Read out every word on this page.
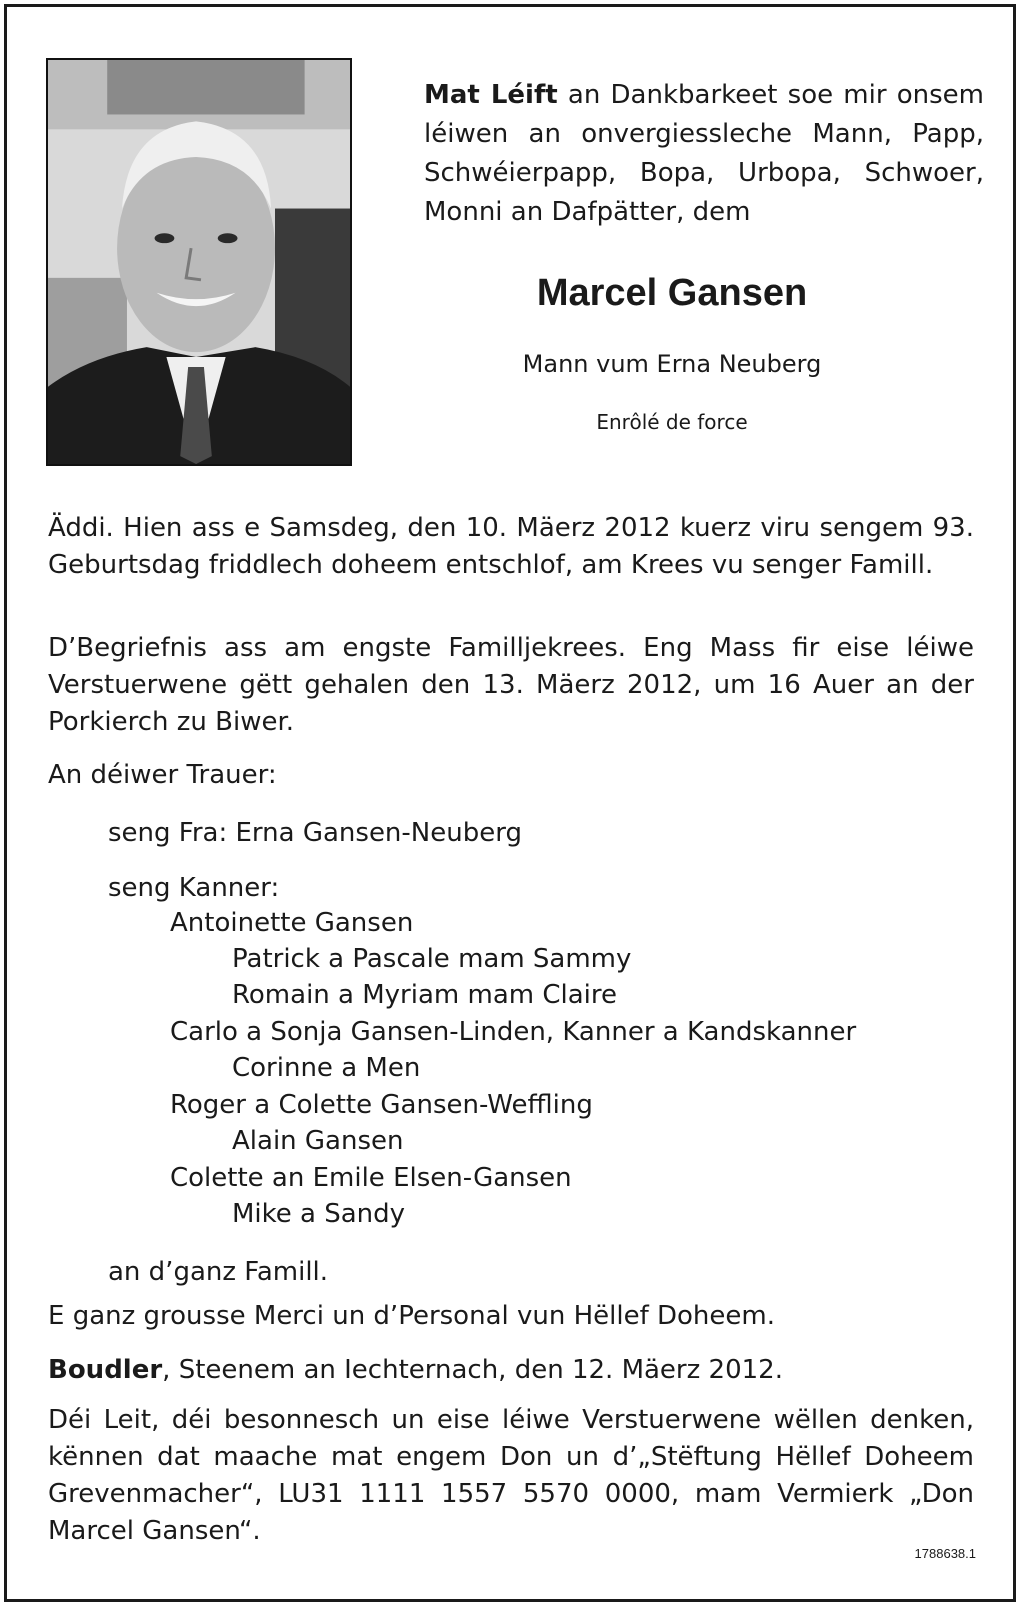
Mat Léift an Dankbarkeet soe mir onsem léiwen an onvergiessleche Mann, Papp, Schwéierpapp, Bopa, Urbopa, Schwoer, Monni an Dafpätter, dem
Marcel Gansen
Mann vum Erna Neuberg
Enrôlé de force
Äddi. Hien ass e Samsdeg, den 10. Mäerz 2012 kuerz viru sengem 93. Geburtsdag friddlech doheem entschlof, am Krees vu senger Famill.
D’Begriefnis ass am engste Familljekrees. Eng Mass fir eise léiwe Verstuerwene gëtt gehalen den 13. Mäerz 2012, um 16 Auer an der Porkierch zu Biwer.
An déiwer Trauer:
seng Fra: Erna Gansen-Neuberg
seng Kanner:
Antoinette Gansen
Patrick a Pascale mam Sammy
Romain a Myriam mam Claire
Carlo a Sonja Gansen-Linden, Kanner a Kandskanner
Corinne a Men
Roger a Colette Gansen-Weffling
Alain Gansen
Colette an Emile Elsen-Gansen
Mike a Sandy
an d’ganz Famill.
E ganz grousse Merci un d’Personal vun Hëllef Doheem.
Boudler, Steenem an Iechternach, den 12. Mäerz 2012.
Déi Leit, déi besonnesch un eise léiwe Verstuerwene wëllen denken, kënnen dat maache mat engem Don un d’„Stëftung Hëllef Doheem Grevenmacher“, LU31 1111 1557 5570 0000, mam Vermierk „Don Marcel Gansen“.
1788638.1
